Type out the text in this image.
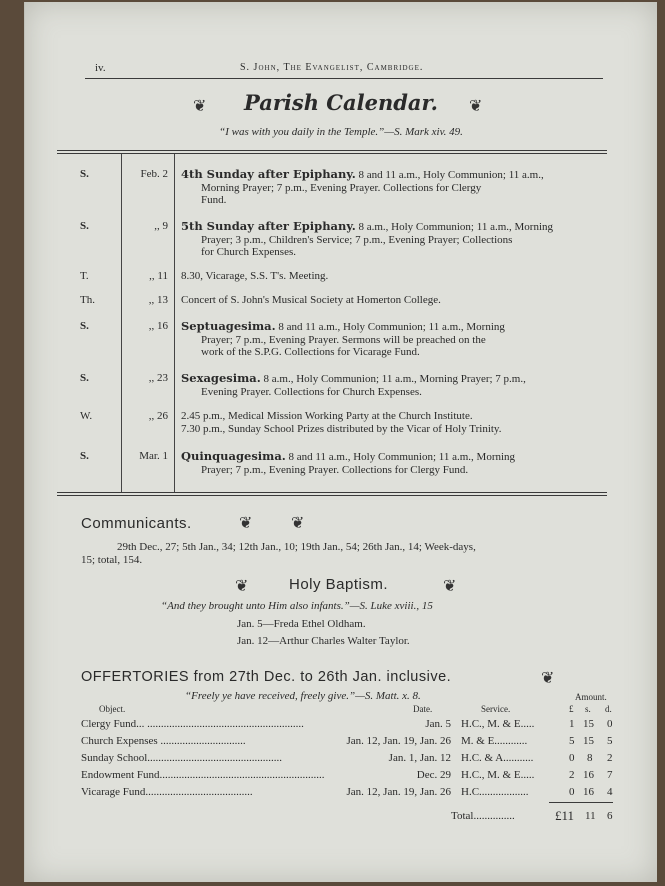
iv.	S. John, The Evangelist, Cambridge.
❦	Parish Calendar.	❦
“I was with you daily in the Temple.”—S. Mark xiv. 49.
S.	Feb. 2 4th Sunday after Epiphany. 8 and 11 a.m., Holy Communion; 11 a.m.,
Morning Prayer; 7 p.m., Evening Prayer. Collections for Clergy
Fund.
S.	,, 9 5th Sunday after Epiphany. 8 a.m., Holy Communion; 11 a.m., Morning
Prayer; 3 p.m., Children's Service; 7 p.m., Evening Prayer; Collections
for Church Expenses.
T.	,, 11 8.30, Vicarage, S.S. T's. Meeting.
Th.	,, 13 Concert of S. John's Musical Society at Homerton College.
S.	,, 16 Septuagesima. 8 and 11 a.m., Holy Communion; 11 a.m., Morning
Prayer; 7 p.m., Evening Prayer. Sermons will be preached on the
work of the S.P.G. Collections for Vicarage Fund.
S.	,, 23 Sexagesima. 8 a.m., Holy Communion; 11 a.m., Morning Prayer; 7 p.m.,
Evening Prayer. Collections for Church Expenses.
W.	,, 26 2.45 p.m., Medical Mission Working Party at the Church Institute.
7.30 p.m., Sunday School Prizes distributed by the Vicar of Holy Trinity.
S.	Mar. 1 Quinquagesima. 8 and 11 a.m., Holy Communion; 11 a.m., Morning
Prayer; 7 p.m., Evening Prayer. Collections for Clergy Fund.
Communicants.	❦ ❦
29th Dec., 27; 5th Jan., 34; 12th Jan., 10; 19th Jan., 54; 26th Jan., 14; Week-days,
15; total, 154.
❦	Holy Baptism.	❦
“And they brought unto Him also infants.”—S. Luke xviii., 15
Jan. 5—Freda Ethel Oldham.
Jan. 12—Arthur Charles Walter Taylor.
OFFERTORIES from 27th Dec. to 26th Jan. inclusive.	❦
“Freely ye have received, freely give.”—S. Matt. x. 8.
Object.	Date.	Service.
Amount.
£ s. d.
Clergy Fund... .........................................................	Jan. 5 H.C., M. & E.....	1 15 0
Church Expenses ...............................	Jan. 12, Jan. 19, Jan. 26 M. & E............	5 15 5
Sunday School.................................................	Jan. 1, Jan. 12 H.C. & A...........	0 8 2
Endowment Fund............................................................	Dec. 29 H.C., M. & E.....	2 16 7
Vicarage Fund.......................................	Jan. 12, Jan. 19, Jan. 26 H.C..................	0 16 4
Total...............	£11 11 6
